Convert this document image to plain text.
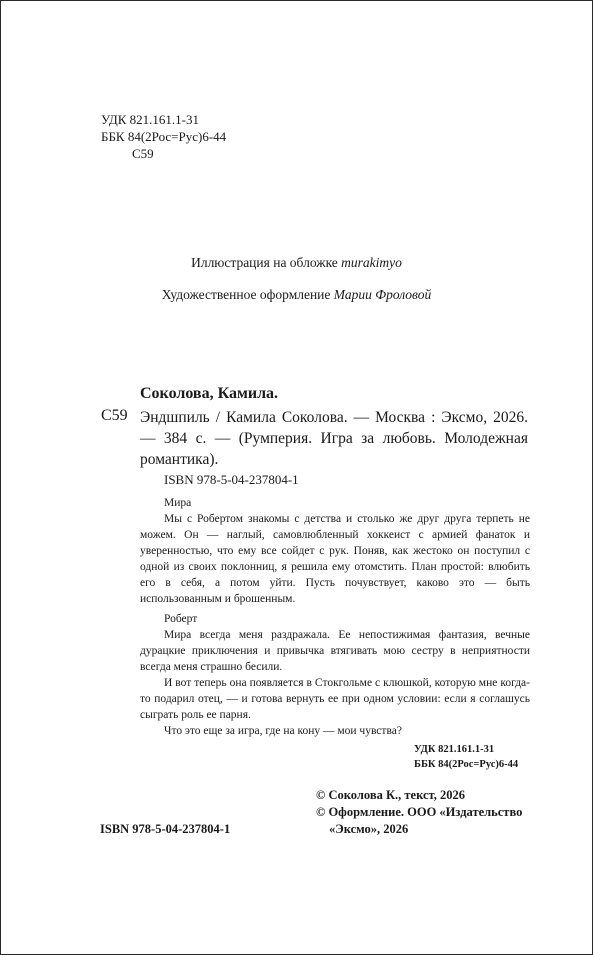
УДК 821.161.1-31
ББК 84(2Рос=Рус)6-44
С59
Иллюстрация на обложке murakimyo
Художественное оформление Марии Фроловой
Соколова, Камила.
С59 Эндшпиль / Камила Соколова. — Москва : Эксмо, 2026. — 384 с. — (Румперия. Игра за любовь. Молодежная романтика).
ISBN 978-5-04-237804-1

Мира

Мы с Робертом знакомы с детства и столько же друг друга терпеть не можем. Он — наглый, самовлюбленный хоккеист с армией фанаток и уверенностью, что ему все сойдет с рук. Поняв, как жестоко он поступил с одной из своих поклонниц, я решила ему отомстить. План простой: влюбить его в себя, а потом уйти. Пусть почувствует, каково это — быть использованным и брошенным.

Роберт

Мира всегда меня раздражала. Ее непостижимая фантазия, вечные дурацкие приключения и привычка втягивать мою сестру в неприятности всегда меня страшно бесили.

И вот теперь она появляется в Стокгольме с клюшкой, которую мне когда-то подарил отец, — и готова вернуть ее при одном условии: если я соглашусь сыграть роль ее парня.

Что это еще за игра, где на кону — мои чувства?

УДК 821.161.1-31
ББК 84(2Рос=Рус)6-44
© Соколова К., текст, 2026
© Оформление. ООО «Издательство
«Эксмо», 2026
ISBN 978-5-04-237804-1
